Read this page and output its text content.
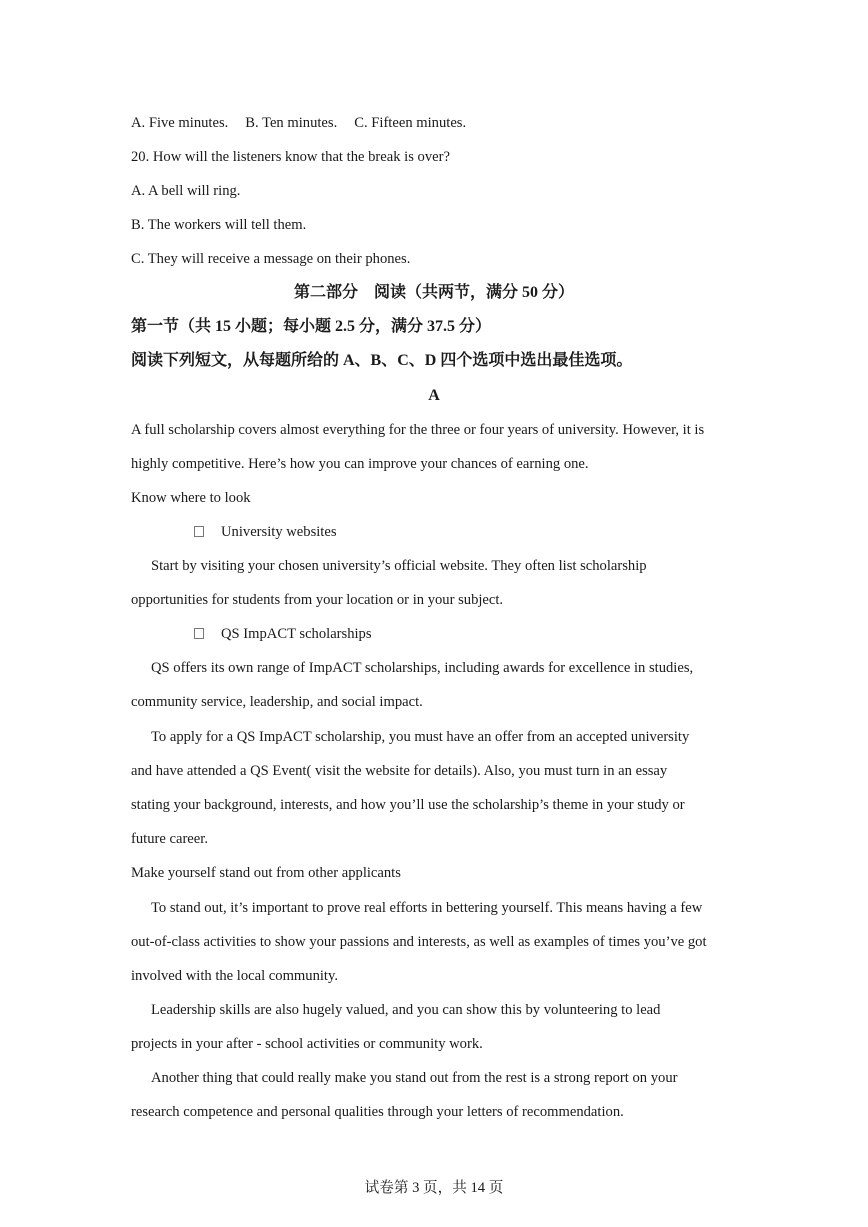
A. Five minutes. B. Ten minutes. C. Fifteen minutes.
20. How will the listeners know that the break is over?
A. A bell will ring.
B. The workers will tell them.
C. They will receive a message on their phones.
第二部分　阅读（共两节，满分 50 分）
第一节（共 15 小题；每小题 2.5 分，满分 37.5 分）
阅读下列短文，从每题所给的 A、B、C、D 四个选项中选出最佳选项。
A
A full scholarship covers almost everything for the three or four years of university. However, it is
highly competitive. Here’s how you can improve your chances of earning one.
Know where to look
University websites
Start by visiting your chosen university’s official website. They often list scholarship
opportunities for students from your location or in your subject.
QS ImpACT scholarships
QS offers its own range of ImpACT scholarships, including awards for excellence in studies,
community service, leadership, and social impact.
To apply for a QS ImpACT scholarship, you must have an offer from an accepted university
and have attended a QS Event( visit the website for details). Also, you must turn in an essay
stating your background, interests, and how you’ll use the scholarship’s theme in your study or
future career.
Make yourself stand out from other applicants
To stand out, it’s important to prove real efforts in bettering yourself. This means having a few
out-of-class activities to show your passions and interests, as well as examples of times you’ve got
involved with the local community.
Leadership skills are also hugely valued, and you can show this by volunteering to lead
projects in your after - school activities or community work.
Another thing that could really make you stand out from the rest is a strong report on your
research competence and personal qualities through your letters of recommendation.
试卷第 3 页，共 14 页
